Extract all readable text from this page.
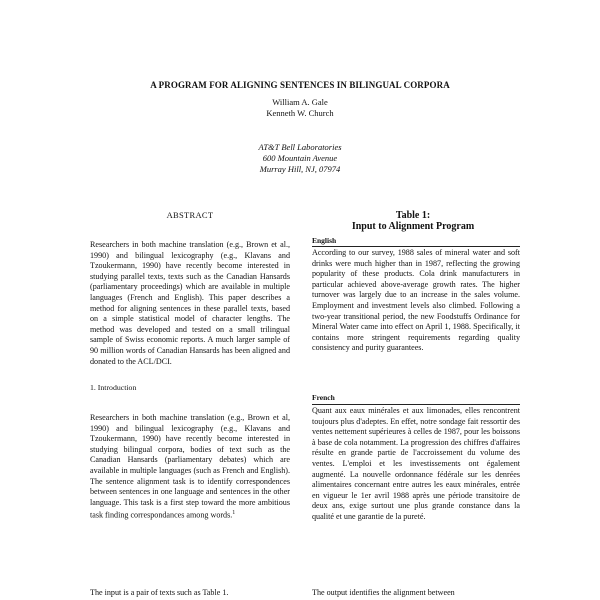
A PROGRAM FOR ALIGNING SENTENCES IN BILINGUAL CORPORA
William A. Gale
Kenneth W. Church
AT&T Bell Laboratories
600 Mountain Avenue
Murray Hill, NJ, 07974
ABSTRACT

Researchers in both machine translation (e.g., Brown et al., 1990) and bilingual lexicography (e.g., Klavans and Tzoukermann, 1990) have recently become interested in studying parallel texts, texts such as the Canadian Hansards (parliamentary proceedings) which are available in multiple languages (French and English). This paper describes a method for aligning sentences in these parallel texts, based on a simple statistical model of character lengths. The method was developed and tested on a small trilingual sample of Swiss economic reports. A much larger sample of 90 million words of Canadian Hansards has been aligned and donated to the ACL/DCI.

1. Introduction

Researchers in both machine translation (e.g., Brown et al, 1990) and bilingual lexicography (e.g., Klavans and Tzoukermann, 1990) have recently become interested in studying bilingual corpora, bodies of text such as the Canadian Hansards (parliamentary debates) which are available in multiple languages (such as French and English). The sentence alignment task is to identify correspondences between sentences in one language and sentences in the other language. This task is a first step toward the more ambitious task finding correspondances among words.$^1$

The input is a pair of texts such as Table 1.

Table 1:
Input to Alignment Program
English

According to our survey, 1988 sales of mineral water and soft drinks were much higher than in 1987, reflecting the growing popularity of these products. Cola drink manufacturers in particular achieved above-average growth rates. The higher turnover was largely due to an increase in the sales volume. Employment and investment levels also climbed. Following a two-year transitional period, the new Foodstuffs Ordinance for Mineral Water came into effect on April 1, 1988. Specifically, it contains more stringent requirements regarding quality consistency and purity guarantees.

French

Quant aux eaux minérales et aux limonades, elles rencontrent toujours plus d'adeptes. En effet, notre sondage fait ressortir des ventes nettement supérieures à celles de 1987, pour les boissons à base de cola notamment. La progression des chiffres d'affaires résulte en grande partie de l'accroissement du volume des ventes. L'emploi et les investissements ont également augmenté. La nouvelle ordonnance fédérale sur les denrées alimentaires concernant entre autres les eaux minérales, entrée en vigueur le 1er avril 1988 après une période transitoire de deux ans, exige surtout une plus grande constance dans la qualité et une garantie de la pureté.

The output identifies the alignment between
